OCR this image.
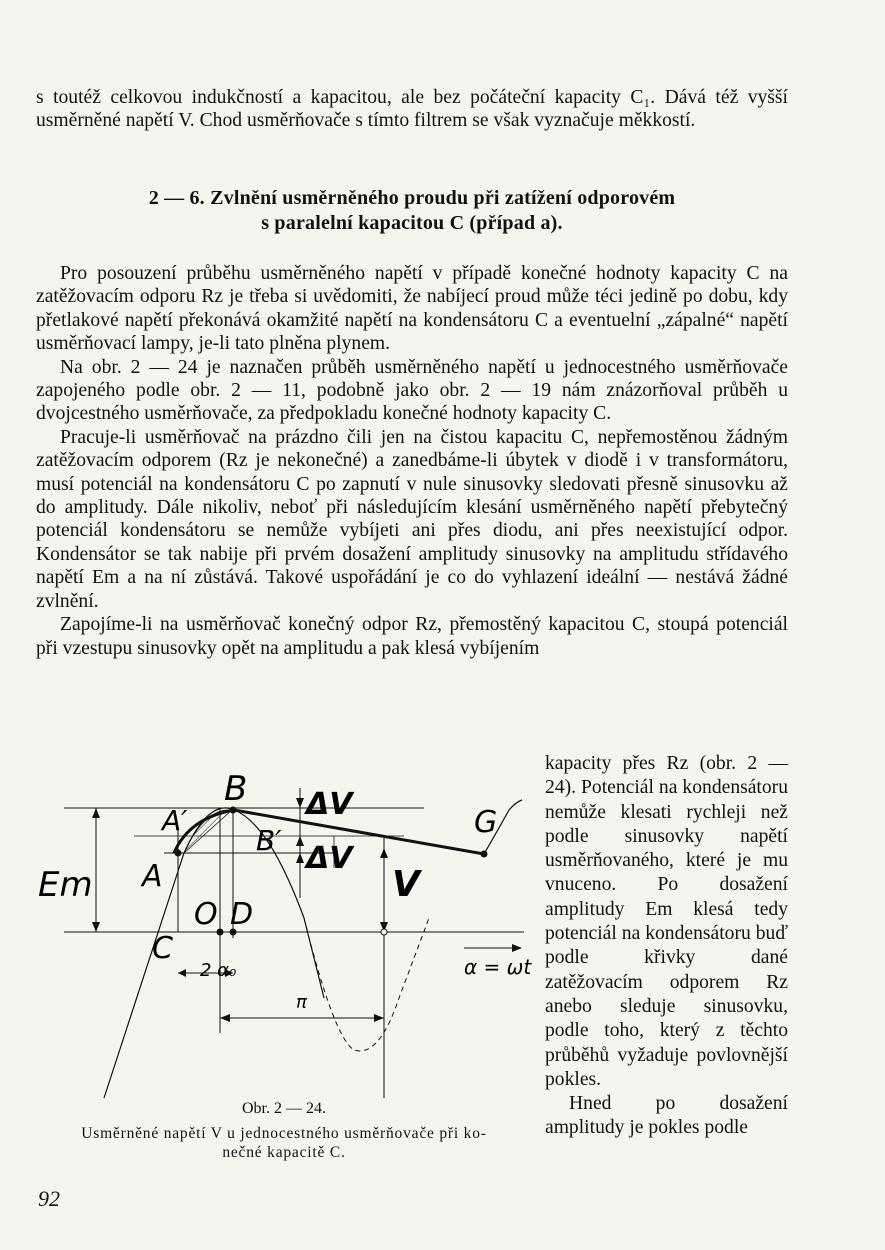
s toutéž celkovou indukčností a kapacitou, ale bez počáteční kapacity C₁. Dává též vyšší usměrněné napětí V. Chod usměrňovače s tímto filtrem se však vyznačuje měkkostí.

2 — 6. Zvlnění usměrněného proudu při zatížení odporovém
s paralelní kapacitou C (případ a).

Pro posouzení průběhu usměrněného napětí v případě konečné hodnoty kapacity C na zatěžovacím odporu Rz je třeba si uvědomiti, že nabíjecí proud může téci jedině po dobu, kdy přetlakové napětí překonává okamžité napětí na kondensátoru C a eventuelní „zápalné“ napětí usměrňovací lampy, je-li tato plněna plynem.

Na obr. 2 — 24 je naznačen průběh usměrněného napětí u jednocestného usměrňovače zapojeného podle obr. 2 — 11, podobně jako obr. 2 — 19 nám znázorňoval průběh u dvojcestného usměrňovače, za předpokladu konečné hodnoty kapacity C.

Pracuje-li usměrňovač na prázdno čili jen na čistou kapacitu C, nepřemostěnou žádným zatěžovacím odporem (Rz je nekonečné) a zanedbáme-li úbytek v diodě i v transformátoru, musí potenciál na kondensátoru C po zapnutí v nule sinusovky sledovati přesně sinusovku až do amplitudy. Dále nikoliv, neboť při následujícím klesání usměrněného napětí přebytečný potenciál kondensátoru se nemůže vybíjeti ani přes diodu, ani přes neexistující odpor. Kondensátor se tak nabije při prvém dosažení amplitudy sinusovky na amplitudu střídavého napětí Em a na ní zůstává. Takové uspořádání je co do vyhlazení ideální — nestává žádné zvlnění.

Zapojíme-li na usměrňovač konečný odpor Rz, přemostěný kapacitou C, stoupá potenciál při vzestupu sinusovky opět na amplitudu a pak klesá vybíjením

kapacity přes Rz (obr. 2 — 24). Potenciál na kondensátoru nemůže klesati rychleji než podle sinusovky napětí usměrňovaného, které je mu vnuceno. Po dosažení amplitudy Em klesá tedy potenciál na kondensátoru buď podle křivky dané zatěžovacím odporem Rz anebo sleduje sinusovku, podle toho, který z těchto průběhů vyžaduje povlovnější pokles.

Hned po dosažení amplitudy je pokles podle

A′
B
B′
A
G
ΔV
ΔV
V
Em
O D
C
2 α₀	α = ωt
π
Obr. 2 — 24.
Usměrněné napětí V u jednocestného usměrňovače při ko-
nečné kapacitě C.
92
